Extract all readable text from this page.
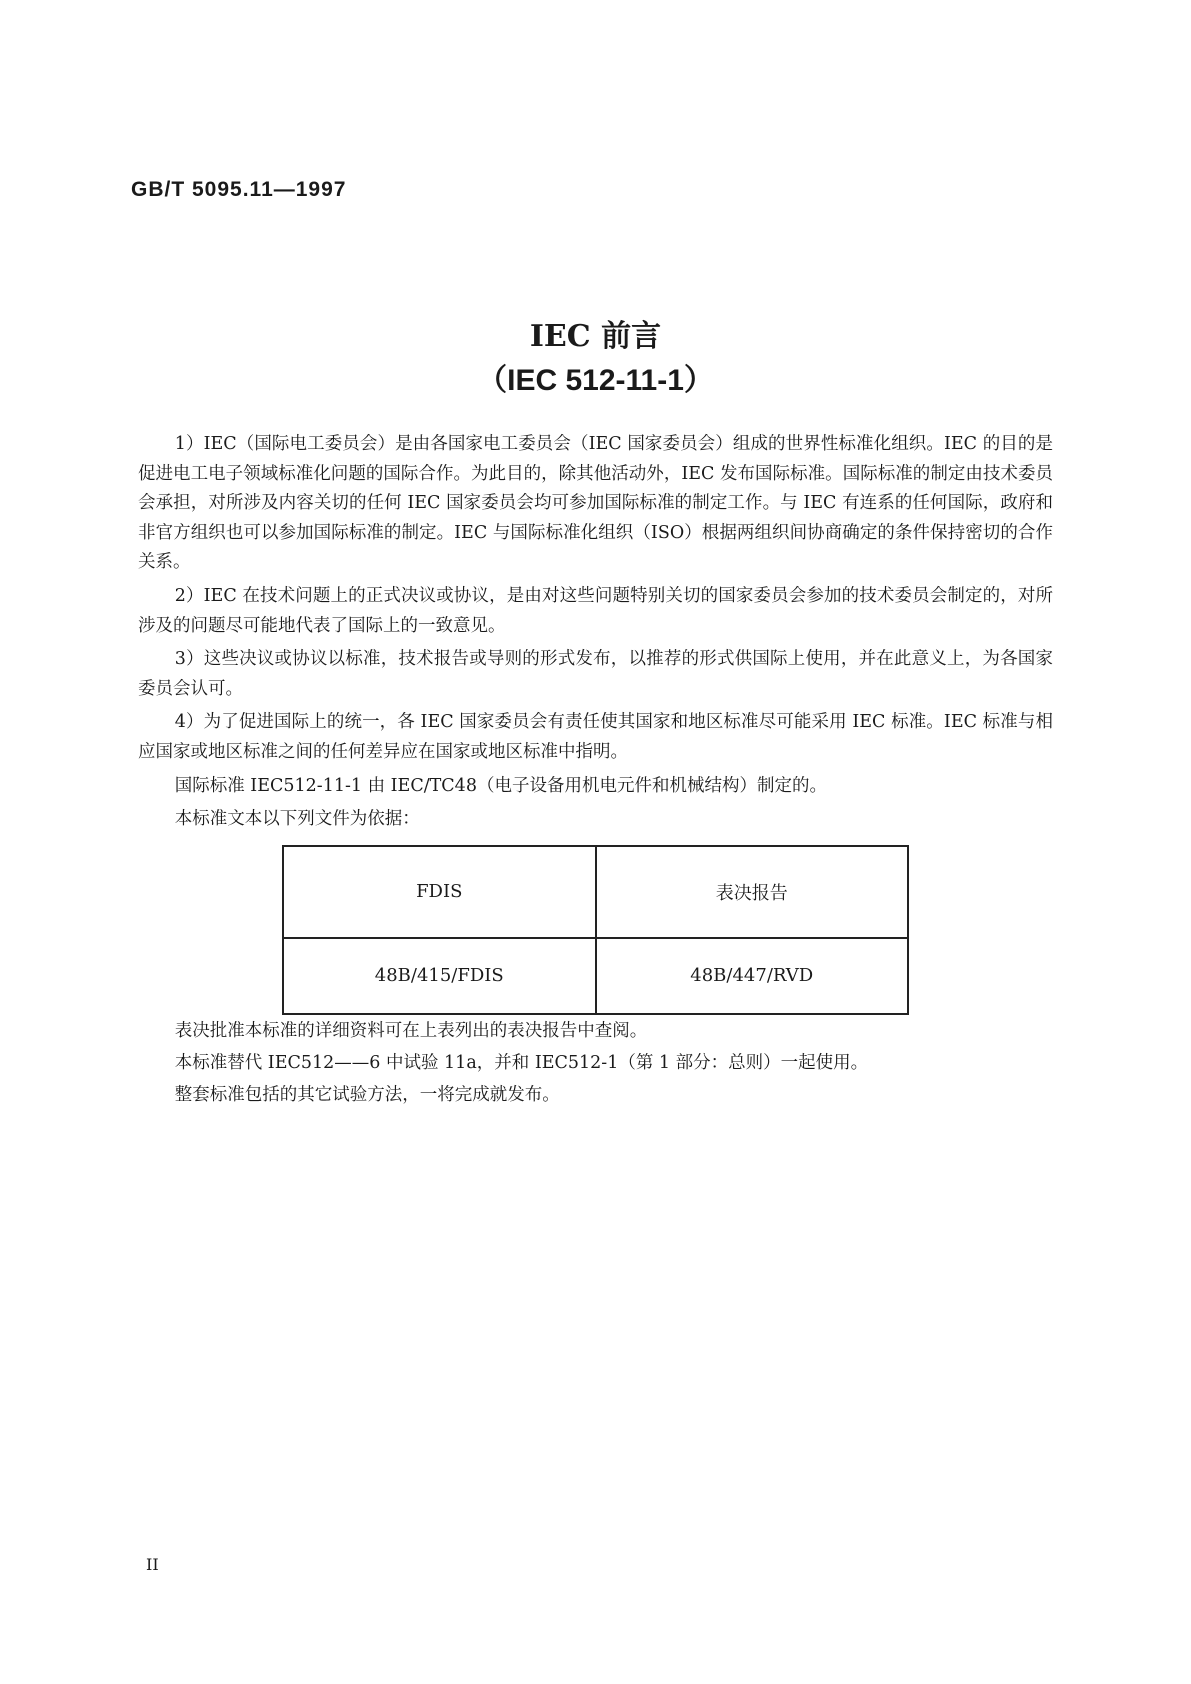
GB/T 5095.11—1997
IEC 前言
（IEC 512-11-1）

1）IEC（国际电工委员会）是由各国家电工委员会（IEC 国家委员会）组成的世界性标准化组织。IEC 的目的是促进电工电子领域标准化问题的国际合作。为此目的，除其他活动外，IEC 发布国际标准。国际标准的制定由技术委员会承担，对所涉及内容关切的任何 IEC 国家委员会均可参加国际标准的制定工作。与 IEC 有连系的任何国际，政府和非官方组织也可以参加国际标准的制定。IEC 与国际标准化组织（ISO）根据两组织间协商确定的条件保持密切的合作关系。

2）IEC 在技术问题上的正式决议或协议，是由对这些问题特别关切的国家委员会参加的技术委员会制定的，对所涉及的问题尽可能地代表了国际上的一致意见。

3）这些决议或协议以标准，技术报告或导则的形式发布，以推荐的形式供国际上使用，并在此意义上，为各国家委员会认可。

4）为了促进国际上的统一，各 IEC 国家委员会有责任使其国家和地区标准尽可能采用 IEC 标准。IEC 标准与相应国家或地区标准之间的任何差异应在国家或地区标准中指明。

国际标准 IEC512-11-1 由 IEC/TC48（电子设备用机电元件和机械结构）制定的。

本标准文本以下列文件为依据：

FDIS	表决报告
48B/415/FDIS	48B/447/RVD

表决批准本标准的详细资料可在上表列出的表决报告中查阅。

本标准替代 IEC512——6 中试验 11a，并和 IEC512-1（第 1 部分：总则）一起使用。

整套标准包括的其它试验方法，一将完成就发布。

II
